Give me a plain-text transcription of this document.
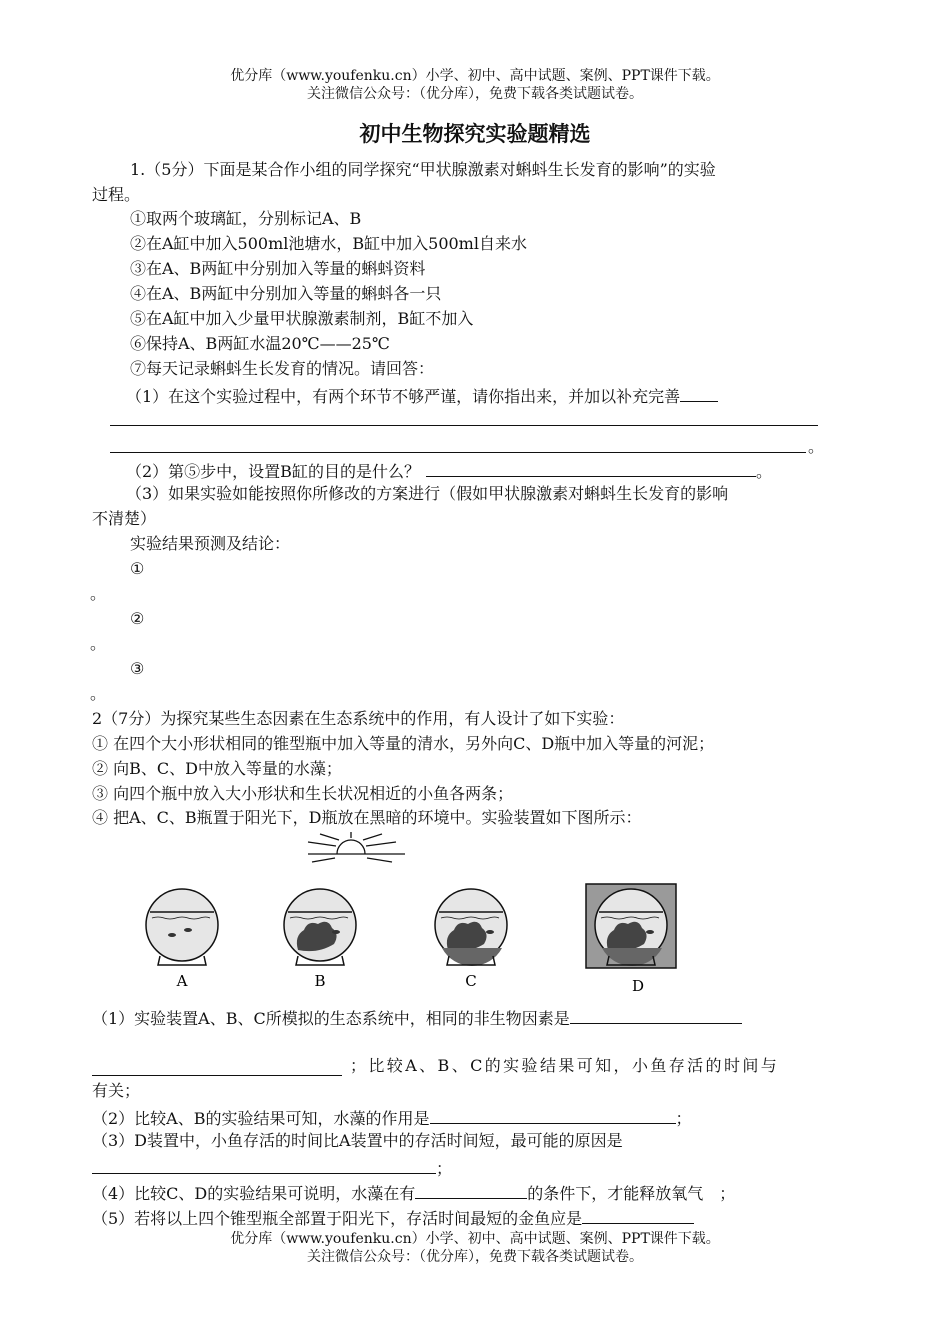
优分库（www.youfenku.cn）小学、初中、高中试题、案例、PPT课件下载。
关注微信公众号：（优分库），免费下载各类试题试卷。
初中生物探究实验题精选
1.（5分）下面是某合作小组的同学探究“甲状腺激素对蝌蚪生长发育的影响”的实验
过程。
①取两个玻璃缸，分别标记A、B
②在A缸中加入500ml池塘水，B缸中加入500ml自来水
③在A、B两缸中分别加入等量的蝌蚪资料
④在A、B两缸中分别加入等量的蝌蚪各一只
⑤在A缸中加入少量甲状腺激素制剂，B缸不加入
⑥保持A、B两缸水温20℃——25℃
⑦每天记录蝌蚪生长发育的情况。请回答：
（1）在这个实验过程中，有两个环节不够严谨，请你指出来，并加以补充完善
。
（2）第⑤步中，设置B缸的目的是什么？	。
（3）如果实验如能按照你所修改的方案进行（假如甲状腺激素对蝌蚪生长发育的影响
不清楚）
实验结果预测及结论：
①
。
②
。
③
。
2（7分）为探究某些生态因素在生态系统中的作用，有人设计了如下实验：
① 在四个大小形状相同的锥型瓶中加入等量的清水，另外向C、D瓶中加入等量的河泥；
② 向B、C、D中放入等量的水藻；
③ 向四个瓶中放入大小形状和生长状况相近的小鱼各两条；
④ 把A、C、B瓶置于阳光下，D瓶放在黑暗的环境中。实验装置如下图所示：
A	B	C	D
（1）实验装置A、B、C所模拟的生态系统中，相同的非生物因素是
；比较A、B、C的实验结果可知，小鱼存活的时间与
有关；
（2）比较A、B的实验结果可知，水藻的作用是	；
（3）D装置中，小鱼存活的时间比A装置中的存活时间短，最可能的原因是
；
（4）比较C、D的实验结果可说明，水藻在有	的条件下，才能释放氧气　；
（5）若将以上四个锥型瓶全部置于阳光下，存活时间最短的金鱼应是
优分库（www.youfenku.cn）小学、初中、高中试题、案例、PPT课件下载。
关注微信公众号：（优分库），免费下载各类试题试卷。
